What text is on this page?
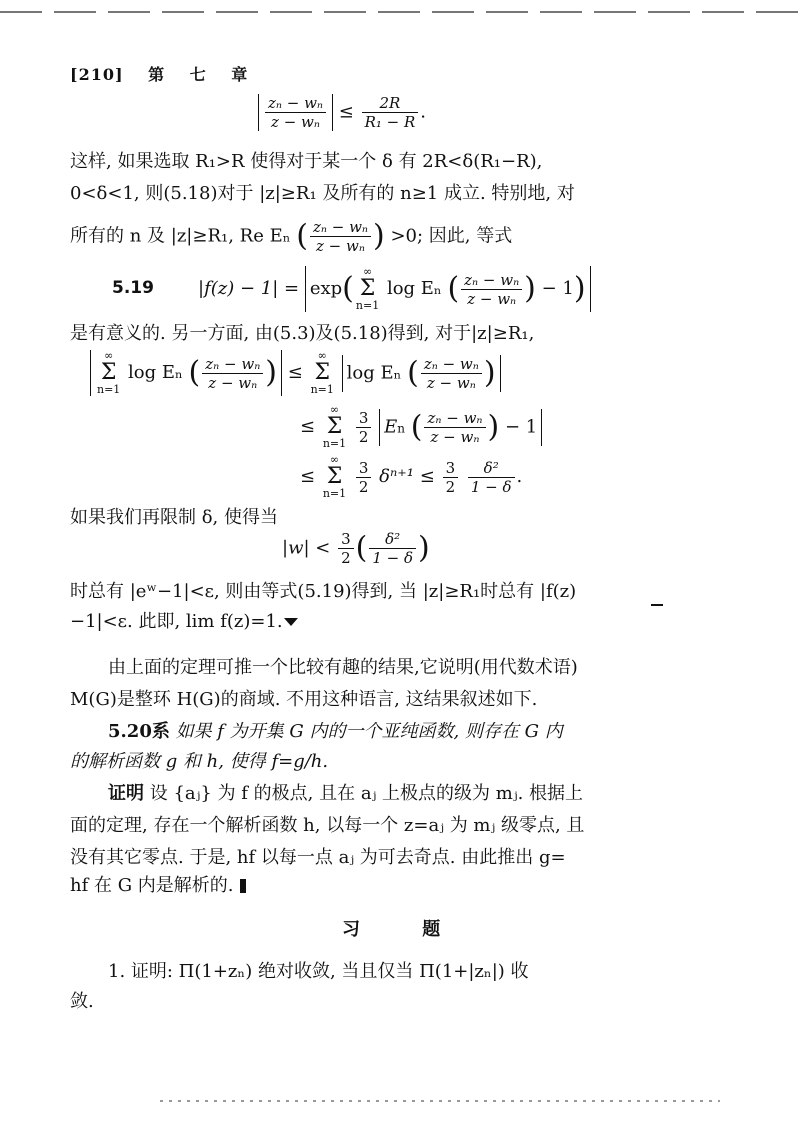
[210] 第 七 章
$\frac{\text{zₙ − wₙ}}{\text{z − wₙ}} \le \frac{2R}{\text{R₁ − R}}$ .
这样, 如果选取 R₁>R 使得对于某一个 δ 有 2R<δ(R₁−R),
0<δ<1, 则(5.18)对于 |z|≥R₁ 及所有的 n≥1 成立. 特别地, 对
所有的 n 及 |z|≥R₁, Re Eₙ ( $\frac{\text{zₙ − wₙ}}{\text{z − wₙ}}$ ) >0; 因此, 等式
5.19 |f(z) − 1| = exp( ∞
Σ
n=1
log Eₙ ( $\frac{\text{zₙ − wₙ}}{\text{z − wₙ}}$ ) − 1)
是有意义的. 另一方面, 由(5.3)及(5.18)得到, 对于|z|≥R₁,
∞
Σ
n=1
log Eₙ ( $\frac{\text{zₙ − wₙ}}{\text{z − wₙ}}$ ) ≤
∞
Σ
n=1
log Eₙ ( $\frac{\text{zₙ − wₙ}}{\text{z − wₙ}}$ )
≤
∞
Σ
n=1
$\frac{3}{2}$ En ( $\frac{\text{zₙ − wₙ}}{\text{z − wₙ}}$ ) − 1
≤
∞
Σ
n=1
$\frac{3}{2} \delta^{n+1} \le \frac{3}{2}$
$\frac{\text{δ²}}{1 - \delta}$ .
如果我们再限制 δ, 使得当
$|w| < \frac{3}{2}$ ( $\frac{\text{δ²}}{1 - \delta}$ )
时总有 |eʷ−1|<ε, 则由等式(5.19)得到, 当 |z|≥R₁时总有 |f(z)
−1|<ε. 此即, lim f(z)=1.
由上面的定理可推一个比较有趣的结果,它说明(用代数术语)
M(G)是整环 H(G)的商域. 不用这种语言, 这结果叙述如下.
5.20系 如果 f 为开集 G 内的一个亚纯函数, 则存在 G 内
的解析函数 g 和 h, 使得 f=g/h.
证明 设 {aⱼ} 为 f 的极点, 且在 aⱼ 上极点的级为 mⱼ. 根据上
面的定理, 存在一个解析函数 h, 以每一个 z=aⱼ 为 mⱼ 级零点, 且
没有其它零点. 于是, hf 以每一点 aⱼ 为可去奇点. 由此推出 g=
hf 在 G 内是解析的.
习 题
1. 证明: Π(1+zₙ) 绝对收敛, 当且仅当 Π(1+|zₙ|) 收
敛.
